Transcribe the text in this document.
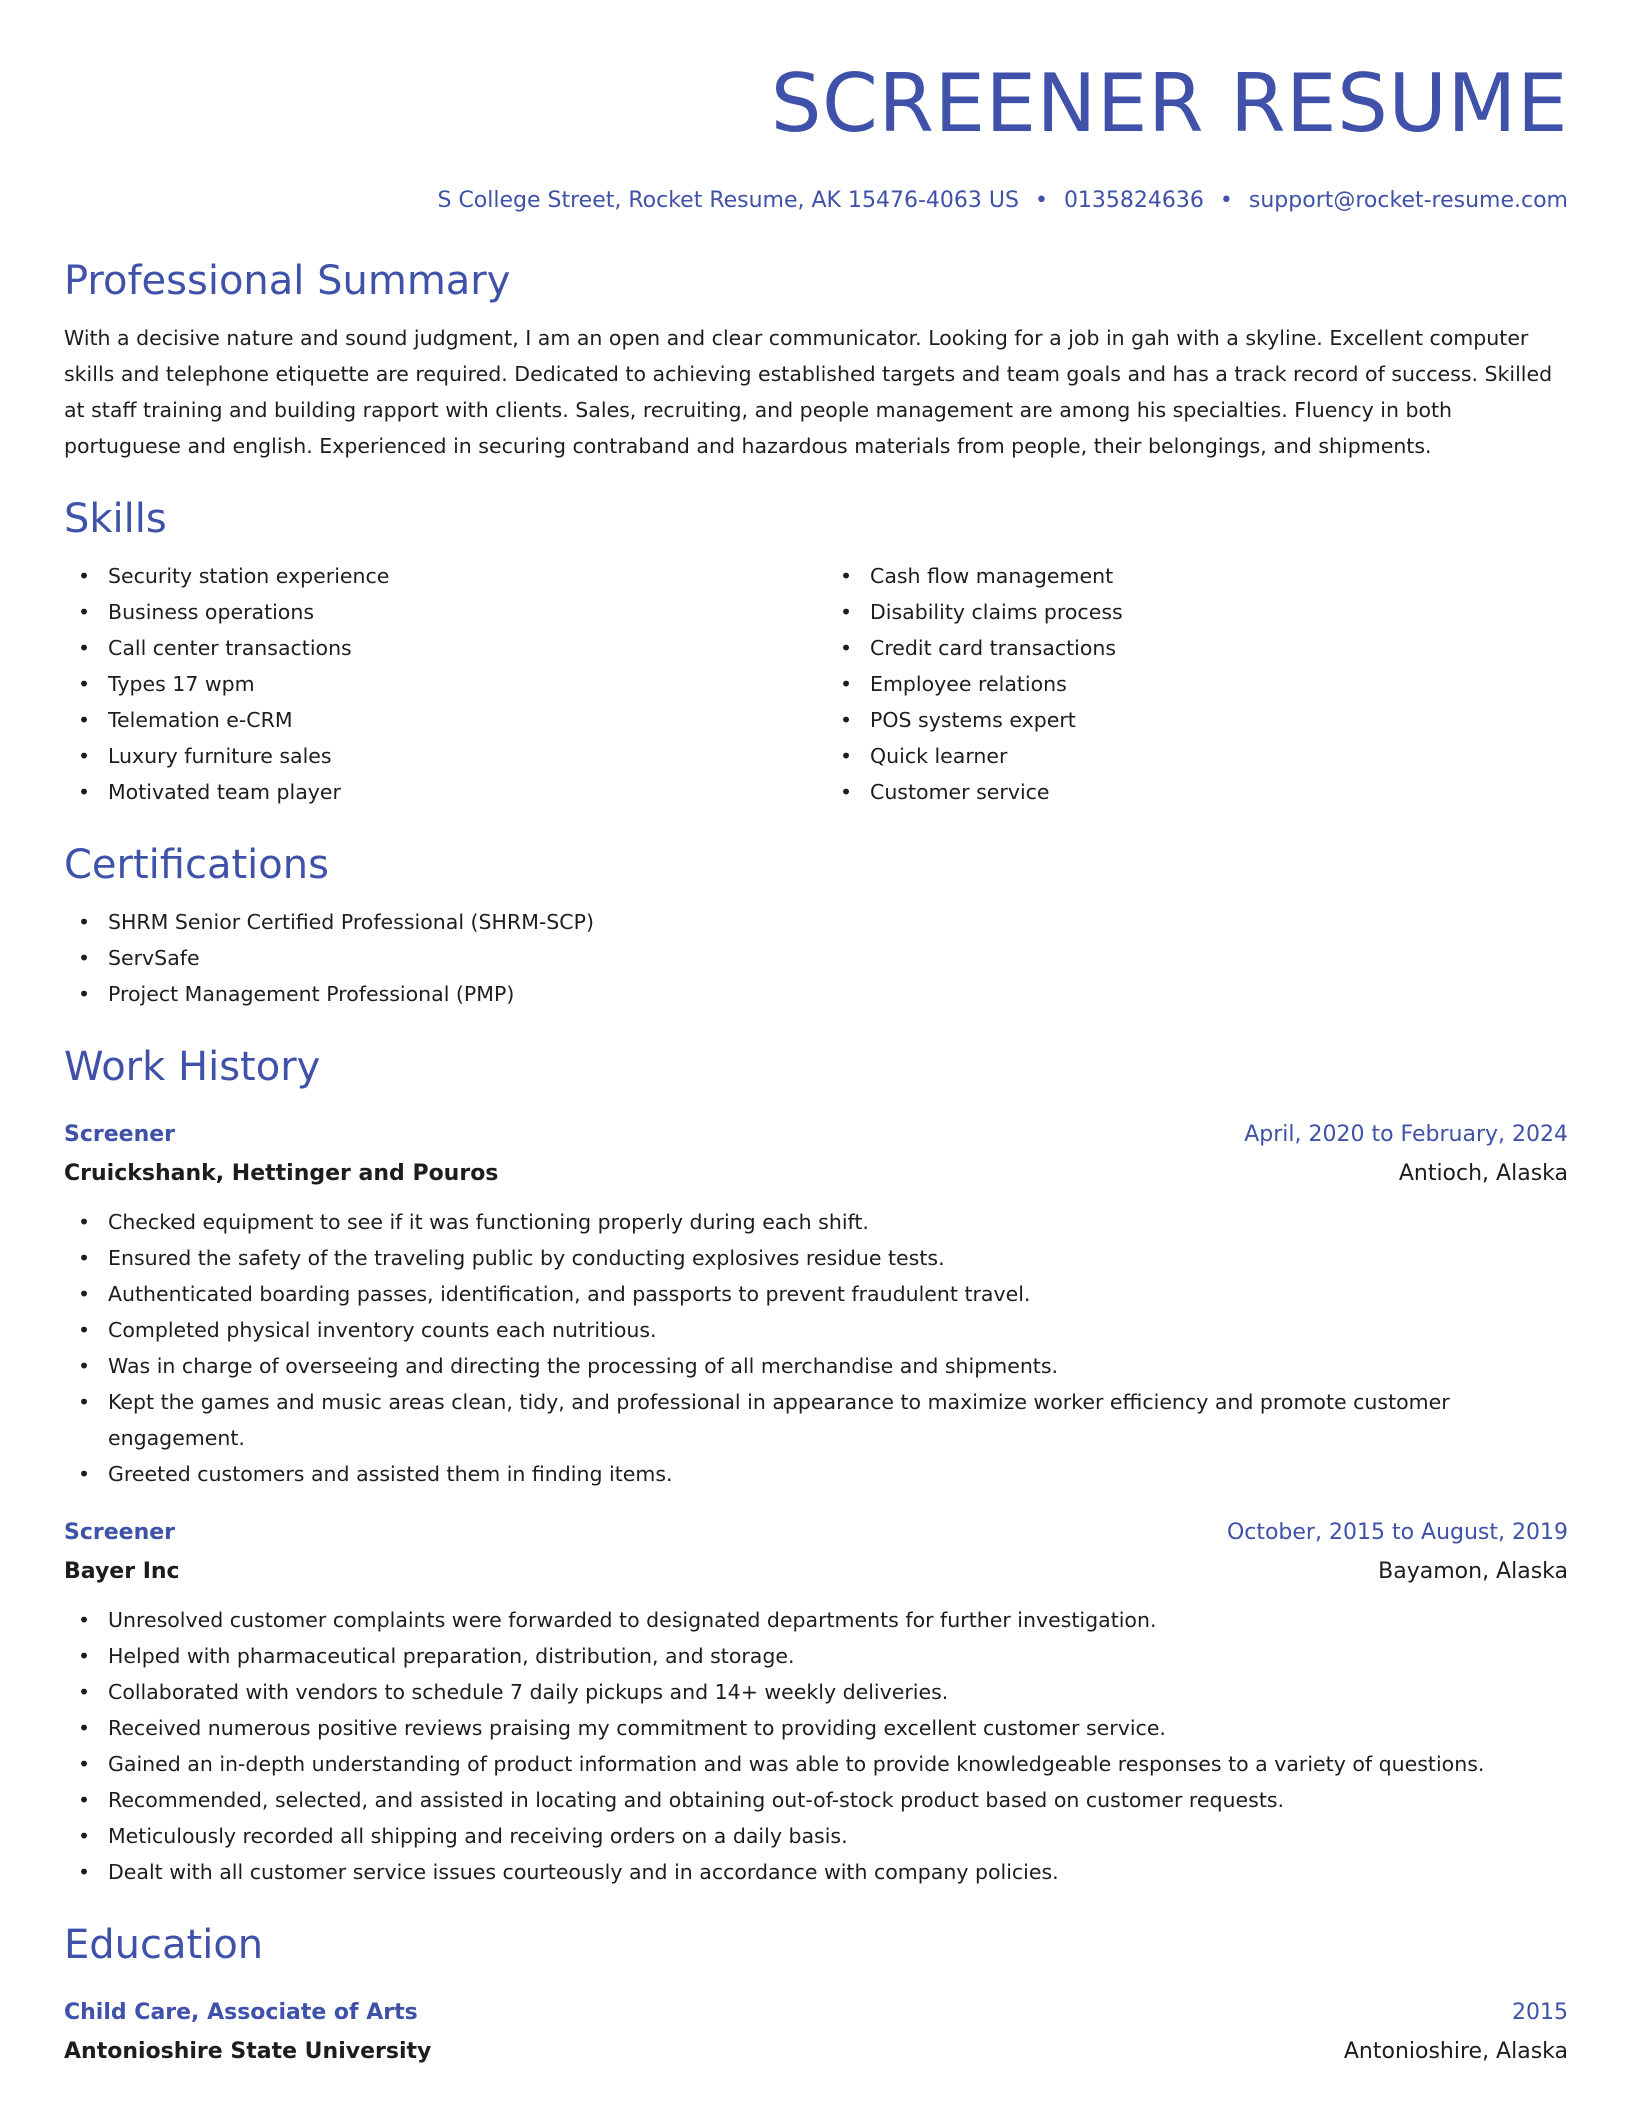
SCREENER RESUME
S College Street, Rocket Resume, AK 15476-4063 US • 0135824636 • support@rocket-resume.com
Professional Summary
With a decisive nature and sound judgment, I am an open and clear communicator. Looking for a job in gah with a skyline. Excellent computer skills and telephone etiquette are required. Dedicated to achieving established targets and team goals and has a track record of success. Skilled at staff training and building rapport with clients. Sales, recruiting, and people management are among his specialties. Fluency in both portuguese and english. Experienced in securing contraband and hazardous materials from people, their belongings, and shipments.
Skills
• Security station experience
• Business operations
• Call center transactions
• Types 17 wpm
• Telemation e-CRM
• Luxury furniture sales
• Motivated team player
• Cash flow management
• Disability claims process
• Credit card transactions
• Employee relations
• POS systems expert
• Quick learner
• Customer service
Certifications
• SHRM Senior Certified Professional (SHRM-SCP)
• ServSafe
• Project Management Professional (PMP)
Work History
Screener	April, 2020 to February, 2024
Cruickshank, Hettinger and Pouros	Antioch, Alaska
• Checked equipment to see if it was functioning properly during each shift.
• Ensured the safety of the traveling public by conducting explosives residue tests.
• Authenticated boarding passes, identification, and passports to prevent fraudulent travel.
• Completed physical inventory counts each nutritious.
• Was in charge of overseeing and directing the processing of all merchandise and shipments.
• Kept the games and music areas clean, tidy, and professional in appearance to maximize worker efficiency and promote customer engagement.
• Greeted customers and assisted them in finding items.
Screener	October, 2015 to August, 2019
Bayer Inc	Bayamon, Alaska
• Unresolved customer complaints were forwarded to designated departments for further investigation.
• Helped with pharmaceutical preparation, distribution, and storage.
• Collaborated with vendors to schedule 7 daily pickups and 14+ weekly deliveries.
• Received numerous positive reviews praising my commitment to providing excellent customer service.
• Gained an in-depth understanding of product information and was able to provide knowledgeable responses to a variety of questions.
• Recommended, selected, and assisted in locating and obtaining out-of-stock product based on customer requests.
• Meticulously recorded all shipping and receiving orders on a daily basis.
• Dealt with all customer service issues courteously and in accordance with company policies.
Education
Child Care, Associate of Arts	2015
Antonioshire State University	Antonioshire, Alaska
